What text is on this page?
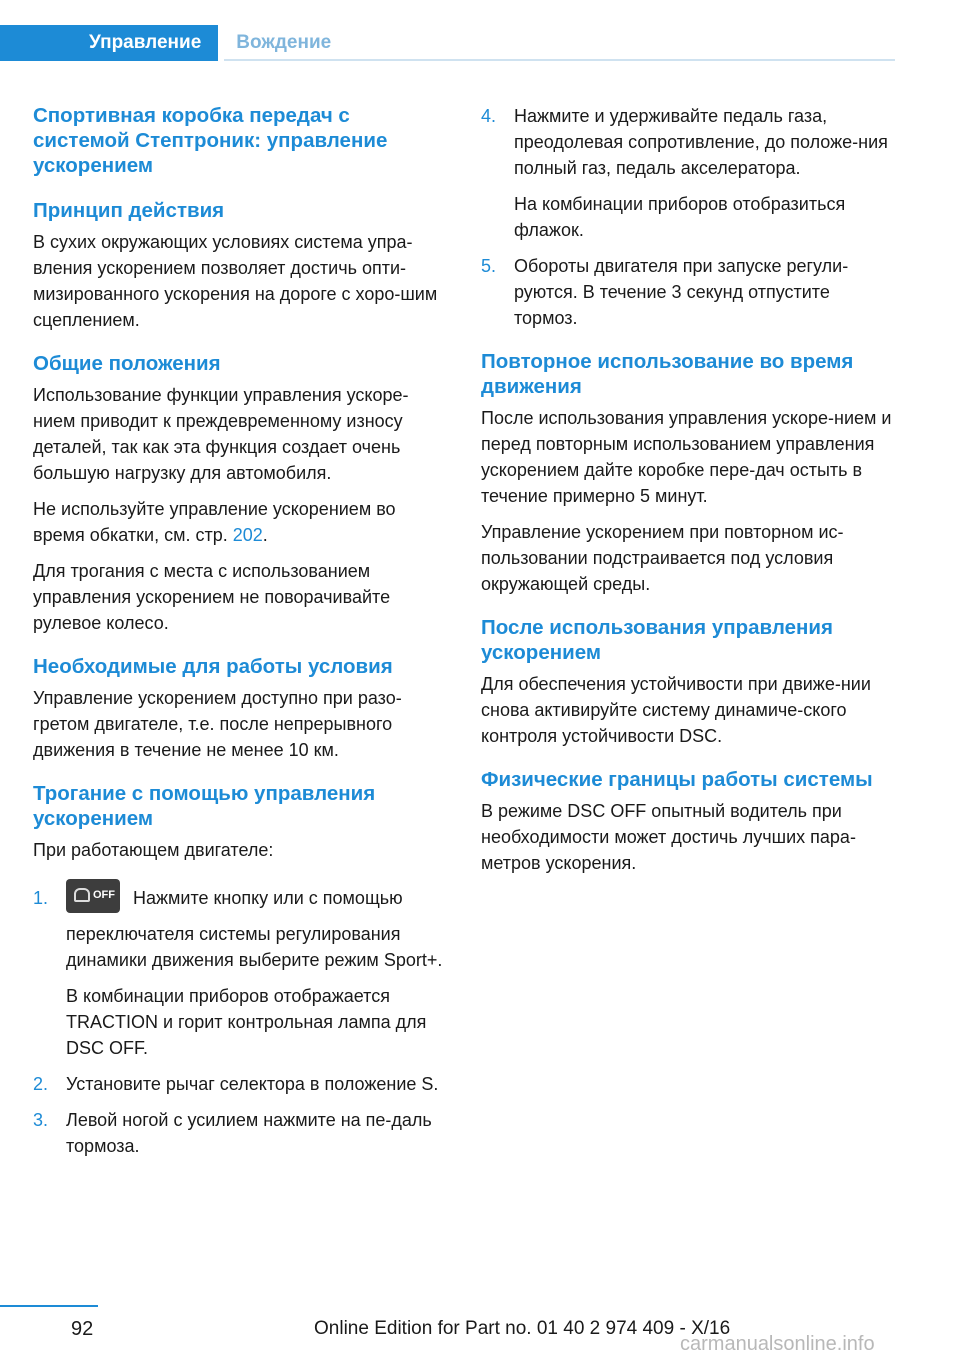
Управление	Вождение
Спортивная коробка передач с системой Стептроник: управление ускорением
Принцип действия

В сухих окружающих условиях система упра-вления ускорением позволяет достичь опти-мизированного ускорения на дороге с хоро-шим сцеплением.

Общие положения

Использование функции управления ускоре-нием приводит к преждевременному износу деталей, так как эта функция создает очень большую нагрузку для автомобиля.

Не используйте управление ускорением во время обкатки, см. стр. 202.

Для трогания с места с использованием управления ускорением не поворачивайте рулевое колесо.

Необходимые для работы условия

Управление ускорением доступно при разо-гретом двигателе, т.е. после непрерывного движения в течение не менее 10 км.

Трогание с помощью управления ускорением

При работающем двигателе:

1.	OFF Нажмите кнопку или с помощью переключателя системы регулирования динамики движения выберите режим Sport+.

В комбинации приборов отображается TRACTION и горит контрольная лампа для DSC OFF.

2. Установите рычаг селектора в положение S.

3. Левой ногой с усилием нажмите на пе-даль тормоза.

4. Нажмите и удерживайте педаль газа, преодолевая сопротивление, до положе-ния полный газ, педаль акселератора.

На комбинации приборов отобразиться флажок.

5. Обороты двигателя при запуске регули-руются. В течение 3 секунд отпустите тормоз.

Повторное использование во время движения

После использования управления ускоре-нием и перед повторным использованием управления ускорением дайте коробке пере-дач остыть в течение примерно 5 минут.

Управление ускорением при повторном ис-пользовании подстраивается под условия окружающей среды.

После использования управления ускорением

Для обеспечения устойчивости при движе-нии снова активируйте систему динамиче-ского контроля устойчивости DSC.

Физические границы работы системы

В режиме DSC OFF опытный водитель при необходимости может достичь лучших пара-метров ускорения.

92	Online Edition for Part no. 01 40 2 974 409 - X/16
carmanualsonline.info
